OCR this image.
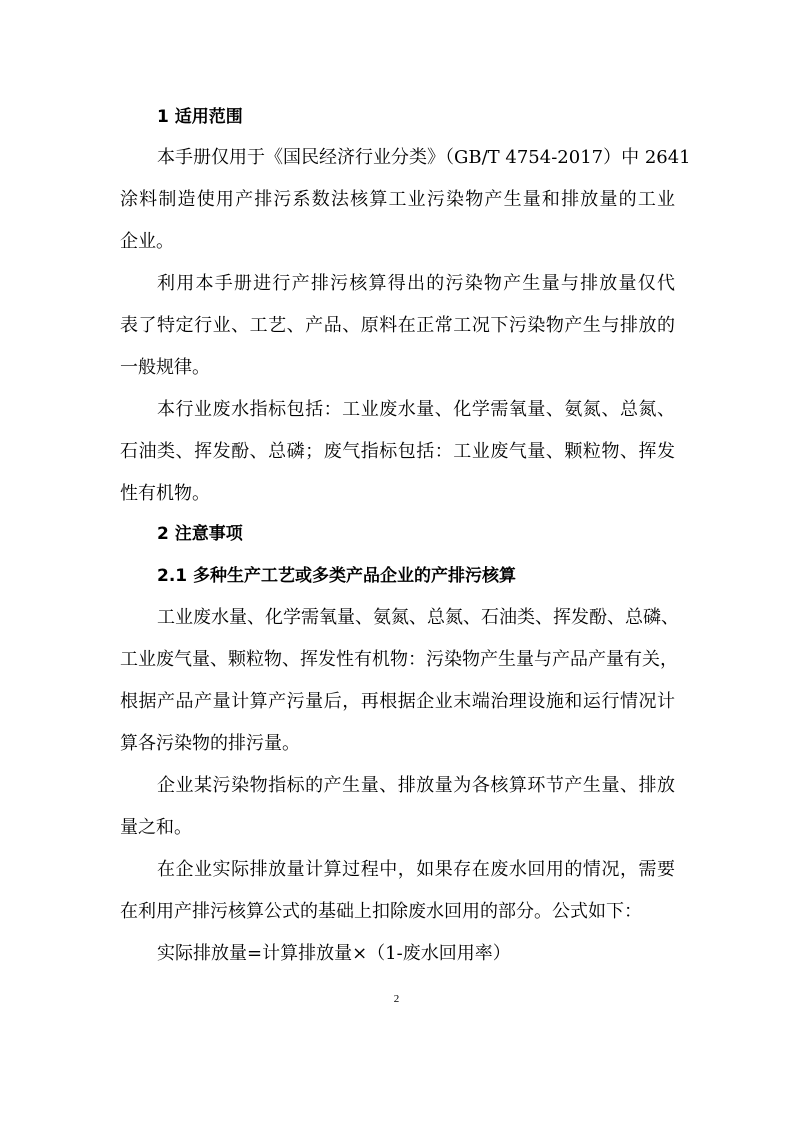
1 适用范围
本手册仅用于《国民经济行业分类》（GB/T 4754-2017）中 2641
涂料制造使用产排污系数法核算工业污染物产生量和排放量的工业
企业。
利用本手册进行产排污核算得出的污染物产生量与排放量仅代
表了特定行业、工艺、产品、原料在正常工况下污染物产生与排放的
一般规律。
本行业废水指标包括：工业废水量、化学需氧量、氨氮、总氮、
石油类、挥发酚、总磷；废气指标包括：工业废气量、颗粒物、挥发
性有机物。
2 注意事项
2.1 多种生产工艺或多类产品企业的产排污核算
工业废水量、化学需氧量、氨氮、总氮、石油类、挥发酚、总磷、
工业废气量、颗粒物、挥发性有机物：污染物产生量与产品产量有关，
根据产品产量计算产污量后，再根据企业末端治理设施和运行情况计
算各污染物的排污量。
企业某污染物指标的产生量、排放量为各核算环节产生量、排放
量之和。
在企业实际排放量计算过程中，如果存在废水回用的情况，需要
在利用产排污核算公式的基础上扣除废水回用的部分。公式如下：
实际排放量=计算排放量×（1-废水回用率）
2
